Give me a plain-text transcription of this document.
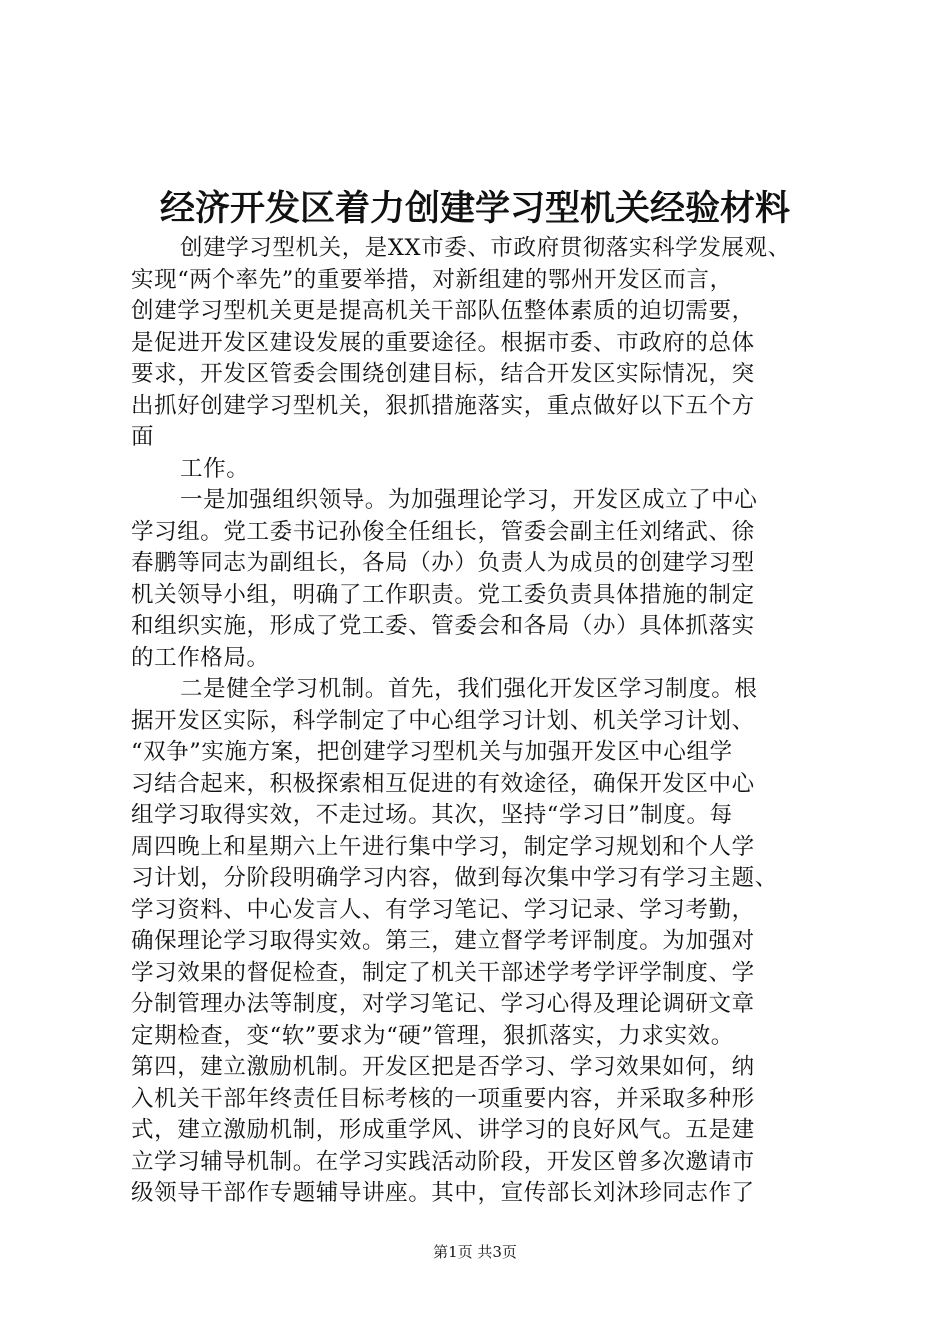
经济开发区着力创建学习型机关经验材料
创建学习型机关，是XX市委、市政府贯彻落实科学发展观、
实现“两个率先”的重要举措，对新组建的鄂州开发区而言，
创建学习型机关更是提高机关干部队伍整体素质的迫切需要，
是促进开发区建设发展的重要途径。根据市委、市政府的总体
要求，开发区管委会围绕创建目标，结合开发区实际情况，突
出抓好创建学习型机关，狠抓措施落实，重点做好以下五个方
面
工作。
一是加强组织领导。为加强理论学习，开发区成立了中心
学习组。党工委书记孙俊全任组长，管委会副主任刘绪武、徐
春鹏等同志为副组长，各局（办）负责人为成员的创建学习型
机关领导小组，明确了工作职责。党工委负责具体措施的制定
和组织实施，形成了党工委、管委会和各局（办）具体抓落实
的工作格局。
二是健全学习机制。首先，我们强化开发区学习制度。根
据开发区实际，科学制定了中心组学习计划、机关学习计划、
“双争”实施方案，把创建学习型机关与加强开发区中心组学
习结合起来，积极探索相互促进的有效途径，确保开发区中心
组学习取得实效，不走过场。其次，坚持“学习日”制度。每
周四晚上和星期六上午进行集中学习，制定学习规划和个人学
习计划，分阶段明确学习内容，做到每次集中学习有学习主题、
学习资料、中心发言人、有学习笔记、学习记录、学习考勤，
确保理论学习取得实效。第三，建立督学考评制度。为加强对
学习效果的督促检查，制定了机关干部述学考学评学制度、学
分制管理办法等制度，对学习笔记、学习心得及理论调研文章
定期检查，变“软”要求为“硬”管理，狠抓落实，力求实效。
第四，建立激励机制。开发区把是否学习、学习效果如何，纳
入机关干部年终责任目标考核的一项重要内容，并采取多种形
式，建立激励机制，形成重学风、讲学习的良好风气。五是建
立学习辅导机制。在学习实践活动阶段，开发区曾多次邀请市
级领导干部作专题辅导讲座。其中，宣传部长刘沐珍同志作了
第1页 共3页
